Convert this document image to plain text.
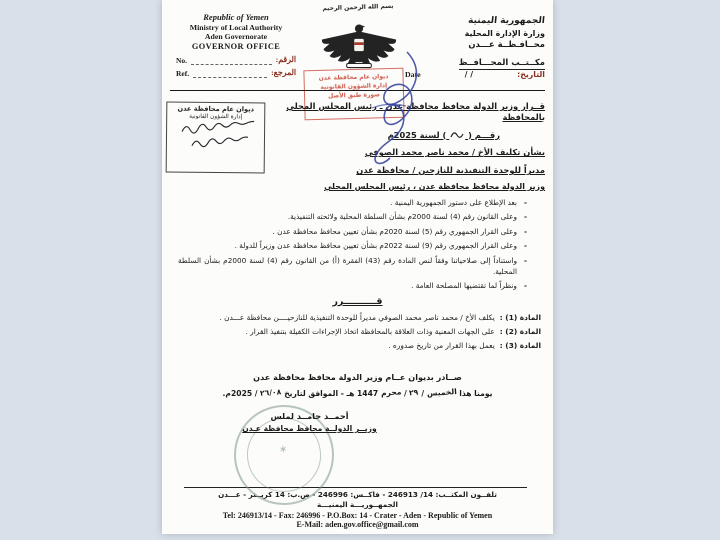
Republic of Yemen
Ministry of Local Authority
Aden Governorate
GOVERNOR OFFICE
No.	الرقم:
Ref.	المرجع:
بسم الله الرحمن الرحيم
ديوان عام محافظة عدن
إدارة الشؤون القانونية
صورة طبق الأصل
الجمهورية اليمنية
وزارة الإدارة المحلية
محــافـظــة عـــدن
مكــتــب المحـــافــظ
التاريخ:
/ /
Date
ديوان عام محافظة عدن
إدارة الشؤون القانونية
قــرار وزير الدولة محافظ محافظة عدن ـ رئيس المجلس المحلي بالمحافظة
رقـــم (
) لسنة 2025م
بشأن تكليف الأخ / محمد ناصر محمد الصوفي
مديراً للوحدة التنفيذية للنازحين / محافظة عدن
وزير الدولة محافظ محافظة عدن ، رئيس المجلس المحلي
-
بعد الإطلاع على دستور الجمهورية اليمنية .
-
وعلى القانون رقم (4) لسنة 2000م بشأن السلطة المحلية ولائحته التنفيذية.
-
وعلى القرار الجمهوري رقم (5) لسنة 2020م بشأن تعيين محافظ محافظة عدن .
-
وعلى القرار الجمهوري رقم (9) لسنة 2022م بشأن تعيين محافظ محافظة عدن وزيراً للدولة .
-
واستناداً إلى صلاحياتنا وفقاً لنص المادة رقم (43) الفقرة (أ) من القانون رقم (4) لسنة 2000م بشأن السلطة المحلية.
-
ونظراً لما تقتضيها المصلحة العامة .
قــــــــــرر
المادة (1) :
يكلف الأخ / محمد ناصر محمد الصوفي مديراً للوحدة التنفيذية للنازحيــــن محافظة عـــدن .
المادة (2) :
على الجهات المعنية وذات العلاقة بالمحافظة اتخاذ الإجراءات الكفيلة بتنفيذ القرار .
المادة (3) :
يعمل بهذا القرار من تاريخ صدوره .
صــادر بديوان عــام وزير الدولة محافظ محافظة عدن
يومنا هذا الخميس / ٢٩ / محرم 1447 هـ - الموافق لتاريخ ٢٦/٠٨ / 2025م.
✶
أحمــد حامــد لملس
وزيــر الدولــة محافظ محافظة عـدن
تلفــون المكتــب: 14/ 246913 - فاكــس: 246996 - ص.ب: 14 كريــتر - عـــدن
الجمهــوريـــة اليمنيـــة
Tel: 246913/14 - Fax: 246996 - P.O.Box: 14 - Crater - Aden - Republic of Yemen
E-Mail: aden.gov.office@gmail.com
